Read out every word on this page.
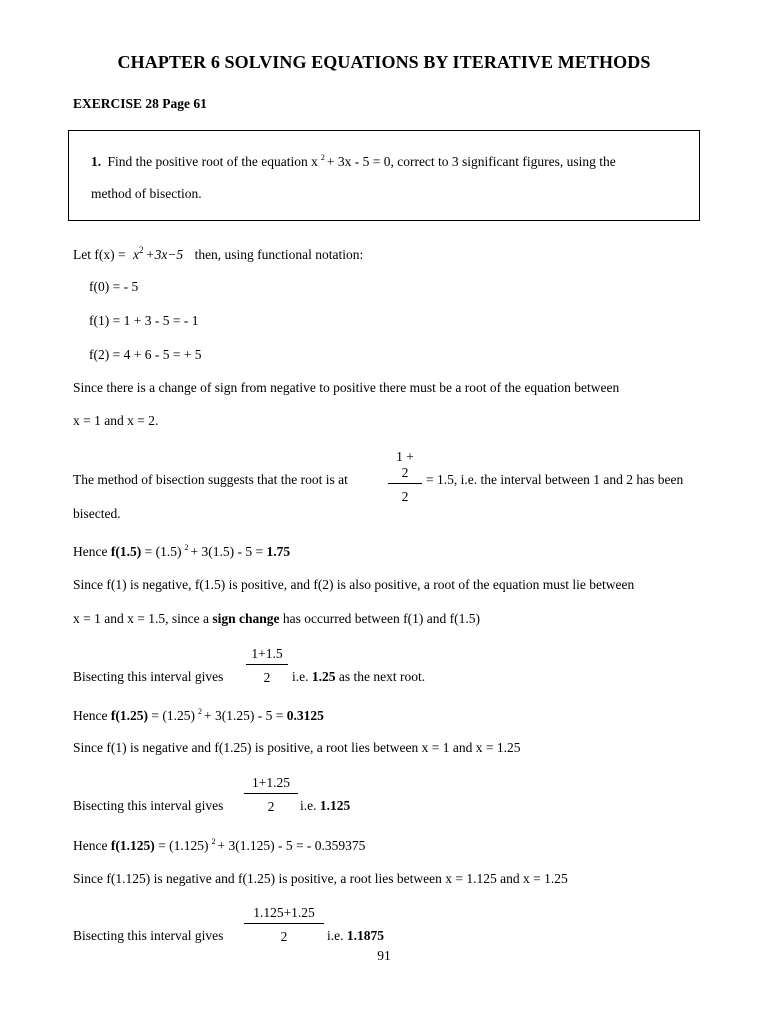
CHAPTER 6 SOLVING EQUATIONS BY ITERATIVE METHODS
EXERCISE 28 Page 61
1. Find the positive root of the equation x $^2$ + 3x - 5 = 0, correct to 3 significant figures, using the
method of bisection.
Let $f(x) = x^2 +3x-5$ then, using functional notation:
f(0) = - 5
f(1) = 1 + 3 - 5 = - 1
f(2) = 4 + 6 - 5 = + 5
Since there is a change of sign from negative to positive there must be a root of the equation between
x = 1 and x = 2.
$\frac{1 + 2}{2}$
The method of bisection suggests that the root is at	= 1.5, i.e. the interval between 1 and 2 has been
bisected.
Hence f(1.5) = (1.5) $^2$ + 3(1.5) - 5 = 1.75
Since f(1) is negative, f(1.5) is positive, and f(2) is also positive, a root of the equation must lie between
x = 1 and x = 1.5, since a sign change has occurred between f(1) and f(1.5)
$\frac{1+1.5}{2}$
Bisecting this interval gives	i.e. 1.25 as the next root.
Hence f(1.25) = (1.25) $^2$ + 3(1.25) - 5 = 0.3125
Since f(1) is negative and f(1.25) is positive, a root lies between x = 1 and x = 1.25
$\frac{1+1.25}{2}$
Bisecting this interval gives	i.e. 1.125
Hence f(1.125) = (1.125) $^2$ + 3(1.125) - 5 = - 0.359375
Since f(1.125) is negative and f(1.25) is positive, a root lies between x = 1.125 and x = 1.25
$\frac{1.125+1.25}{2}$
Bisecting this interval gives	i.e. 1.1875
91
